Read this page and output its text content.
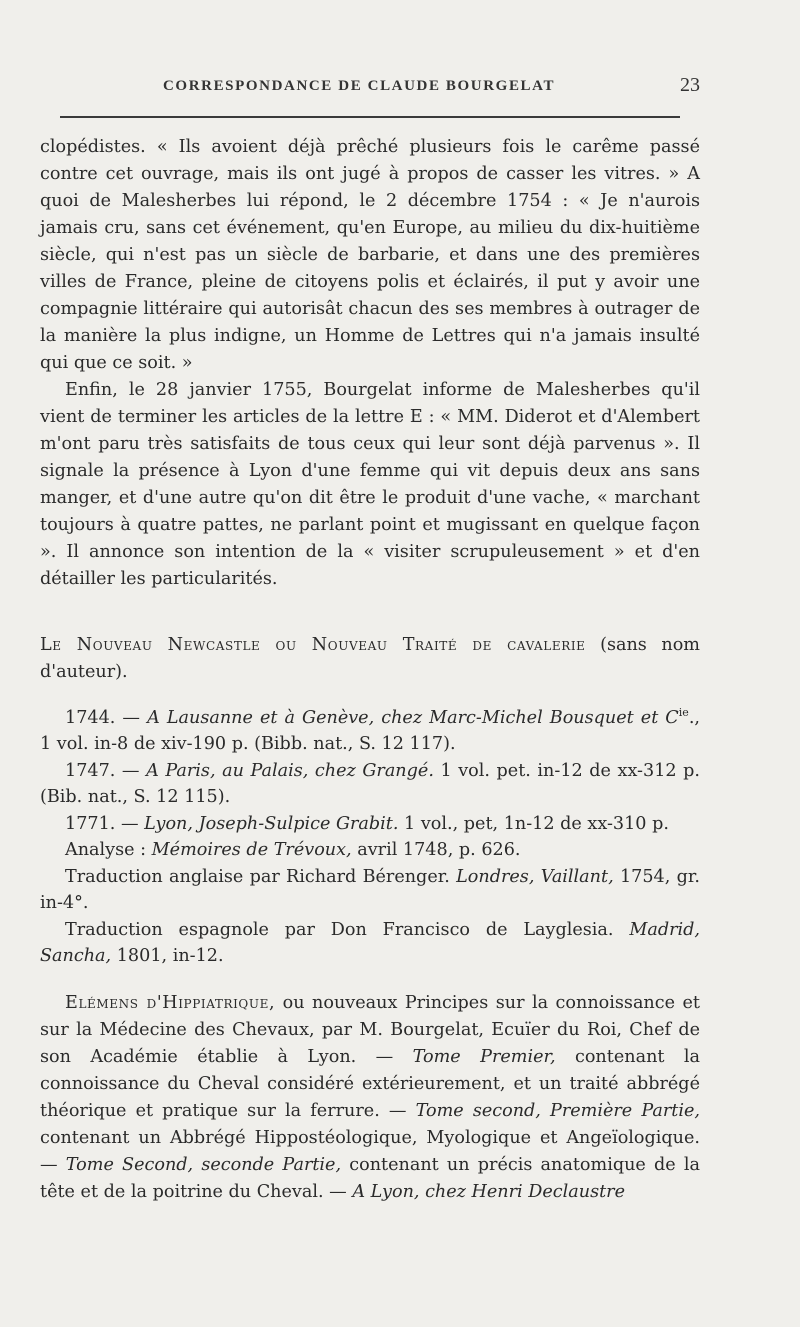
CORRESPONDANCE DE CLAUDE BOURGELAT	23

clopédistes. « Ils avoient déjà prêché plusieurs fois le carême passé contre cet ouvrage, mais ils ont jugé à propos de casser les vitres. » A quoi de Malesherbes lui répond, le 2 décembre 1754 : « Je n'aurois jamais cru, sans cet événement, qu'en Europe, au milieu du dix-huitième siècle, qui n'est pas un siècle de barbarie, et dans une des premières villes de France, pleine de citoyens polis et éclairés, il put y avoir une compagnie littéraire qui autorisât chacun des ses membres à outrager de la manière la plus indigne, un Homme de Lettres qui n'a jamais insulté qui que ce soit. »

Enfin, le 28 janvier 1755, Bourgelat informe de Malesherbes qu'il vient de terminer les articles de la lettre E : « MM. Diderot et d'Alembert m'ont paru très satisfaits de tous ceux qui leur sont déjà parvenus ». Il signale la présence à Lyon d'une femme qui vit depuis deux ans sans manger, et d'une autre qu'on dit être le produit d'une vache, « marchant toujours à quatre pattes, ne parlant point et mugissant en quelque façon ». Il annonce son intention de la « visiter scrupuleusement » et d'en détailler les particularités.

Le Nouveau Newcastle ou Nouveau Traité de cavalerie (sans nom d'auteur).

1744. — A Lausanne et à Genève, chez Marc-Michel Bousquet et $C^{ie}$., 1 vol. in-8 de xiv-190 p. (Bibb. nat., S. 12 117).

1747. — A Paris, au Palais, chez Grangé. 1 vol. pet. in-12 de xx-312 p. (Bib. nat., S. 12 115).

1771. — Lyon, Joseph-Sulpice Grabit. 1 vol., pet, 1n-12 de xx-310 p.

Analyse : Mémoires de Trévoux, avril 1748, p. 626.

Traduction anglaise par Richard Bérenger. Londres, Vaillant, 1754, gr. in-4°.

Traduction espagnole par Don Francisco de Layglesia. Madrid, Sancha, 1801, in-12.

Elémens d'Hippiatrique, ou nouveaux Principes sur la connoissance et sur la Médecine des Chevaux, par M. Bourgelat, Ecuïer du Roi, Chef de son Académie établie à Lyon. — Tome Premier, contenant la connoissance du Cheval considéré extérieurement, et un traité abbrégé théorique et pratique sur la ferrure. — Tome second, Première Partie, contenant un Abbrégé Hippostéologique, Myologique et Angeïologique. — Tome Second, seconde Partie, contenant un précis anatomique de la tête et de la poitrine du Cheval. — A Lyon, chez Henri Declaustre
